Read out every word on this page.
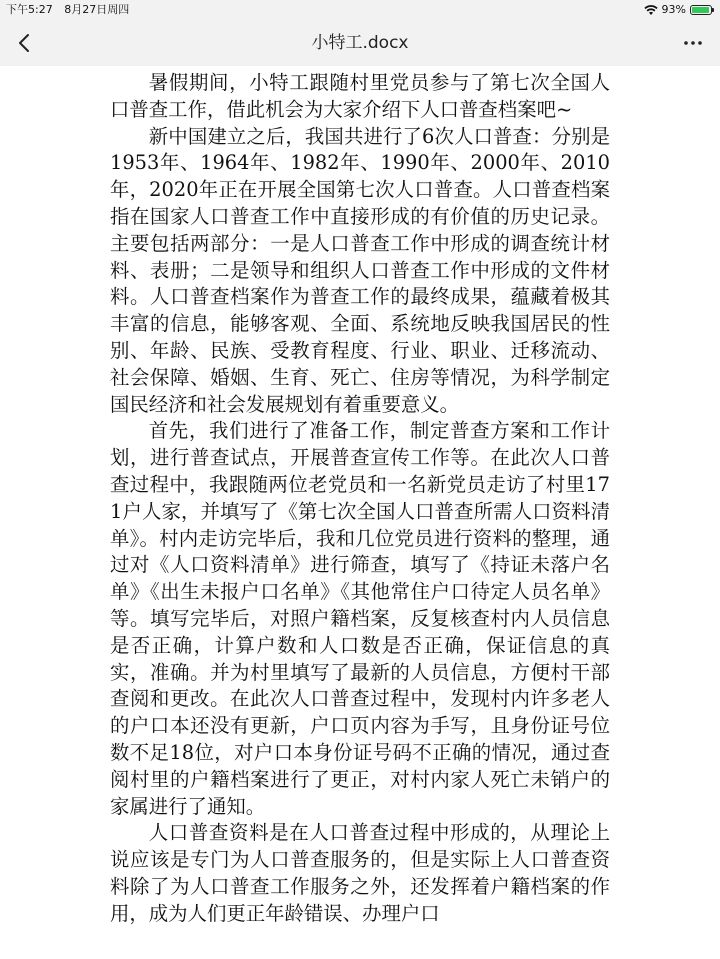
下午5:27 8月27日周四	93%
小特工.docx

暑假期间，小特工跟随村里党员参与了第七次全国人口普查工作，借此机会为大家介绍下人口普查档案吧~

新中国建立之后，我国共进行了6次人口普查：分别是1953年、1964年、1982年、1990年、2000年、2010年，2020年正在开展全国第七次人口普查。人口普查档案指在国家人口普查工作中直接形成的有价值的历史记录。主要包括两部分：一是人口普查工作中形成的调查统计材料、表册；二是领导和组织人口普查工作中形成的文件材料。人口普查档案作为普查工作的最终成果，蕴藏着极其丰富的信息，能够客观、全面、系统地反映我国居民的性别、年龄、民族、受教育程度、行业、职业、迁移流动、社会保障、婚姻、生育、死亡、住房等情况，为科学制定国民经济和社会发展规划有着重要意义。

首先，我们进行了准备工作，制定普查方案和工作计划，进行普查试点，开展普查宣传工作等。在此次人口普查过程中，我跟随两位老党员和一名新党员走访了村里171户人家，并填写了《第七次全国人口普查所需人口资料清单》。村内走访完毕后，我和几位党员进行资料的整理，通过对《人口资料清单》进行筛查，填写了《持证未落户名单》《出生未报户口名单》《其他常住户口待定人员名单》等。填写完毕后，对照户籍档案，反复核查村内人员信息是否正确，计算户数和人口数是否正确，保证信息的真实，准确。并为村里填写了最新的人员信息，方便村干部查阅和更改。在此次人口普查过程中，发现村内许多老人的户口本还没有更新，户口页内容为手写，且身份证号位数不足18位，对户口本身份证号码不正确的情况，通过查阅村里的户籍档案进行了更正，对村内家人死亡未销户的家属进行了通知。

人口普查资料是在人口普查过程中形成的，从理论上说应该是专门为人口普查服务的，但是实际上人口普查资料除了为人口普查工作服务之外，还发挥着户籍档案的作用，成为人们更正年龄错误、办理户口
